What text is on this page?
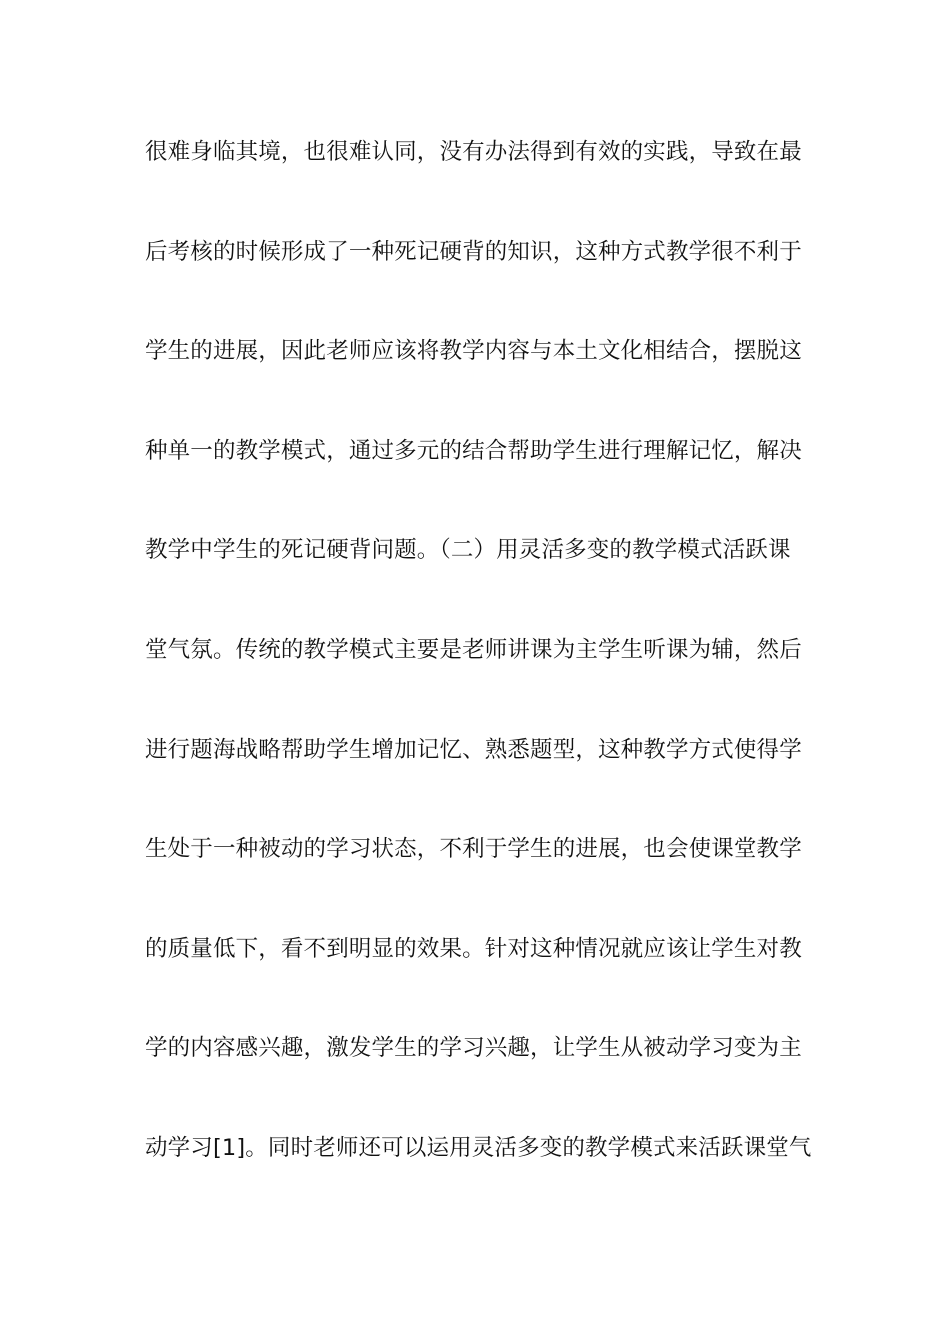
很难身临其境，也很难认同，没有办法得到有效的实践，导致在最
后考核的时候形成了一种死记硬背的知识，这种方式教学很不利于
学生的进展，因此老师应该将教学内容与本土文化相结合，摆脱这
种单一的教学模式，通过多元的结合帮助学生进行理解记忆，解决
教学中学生的死记硬背问题。（二）用灵活多变的教学模式活跃课
堂气氛。传统的教学模式主要是老师讲课为主学生听课为辅，然后
进行题海战略帮助学生增加记忆、熟悉题型，这种教学方式使得学
生处于一种被动的学习状态，不利于学生的进展，也会使课堂教学
的质量低下，看不到明显的效果。针对这种情况就应该让学生对教
学的内容感兴趣，激发学生的学习兴趣，让学生从被动学习变为主
动学习[1]。同时老师还可以运用灵活多变的教学模式来活跃课堂气
